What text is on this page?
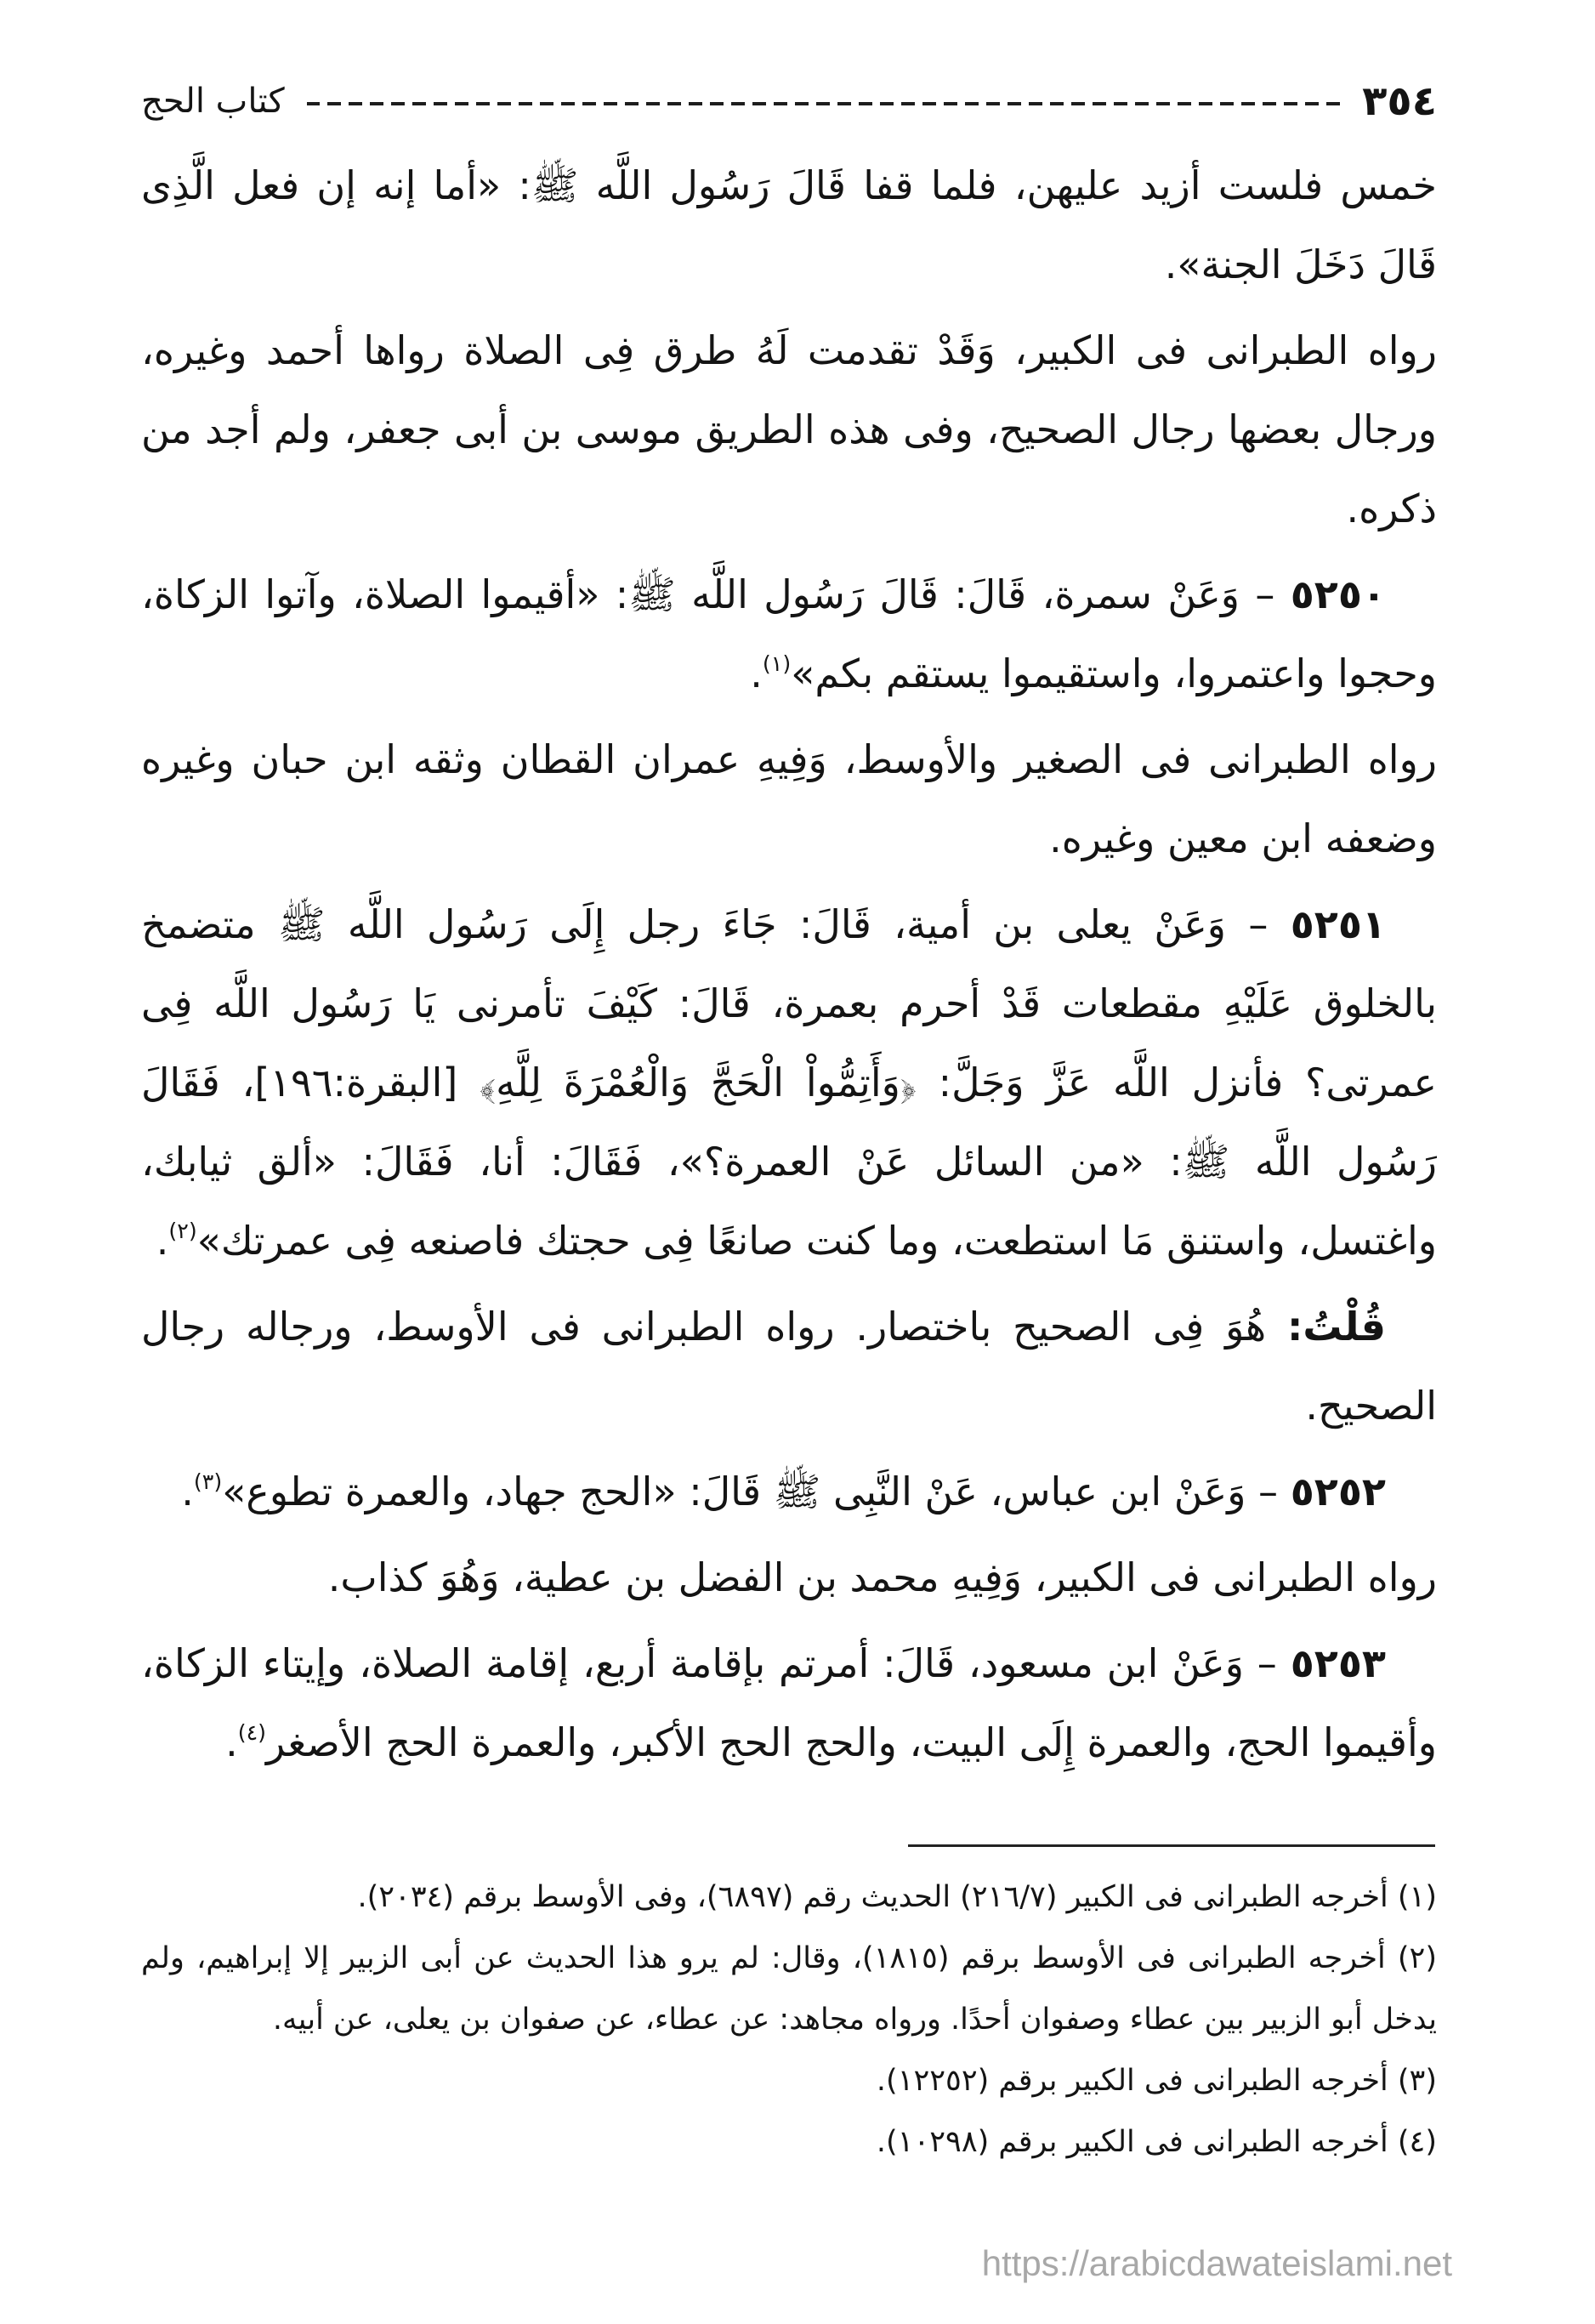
٣٥٤
كتاب الحج

خمس فلست أزيد عليهن، فلما قفا قَالَ رَسُول اللَّه ﷺ: «أما إنه إن فعل الَّذِى قَالَ دَخَلَ الجنة».

رواه الطبرانى فى الكبير، وَقَدْ تقدمت لَهُ طرق فِى الصلاة رواها أحمد وغيره، ورجال بعضها رجال الصحيح، وفى هذه الطريق موسى بن أبى جعفر، ولم أجد من ذكره.

٥٢٥٠ – وَعَنْ سمرة، قَالَ: قَالَ رَسُول اللَّه ﷺ: «أقيموا الصلاة، وآتوا الزكاة، وحجوا واعتمروا، واستقيموا يستقم بكم»$^{(١)}$.

رواه الطبرانى فى الصغير والأوسط، وَفِيهِ عمران القطان وثقه ابن حبان وغيره وضعفه ابن معين وغيره.

٥٢٥١ – وَعَنْ يعلى بن أمية، قَالَ: جَاءَ رجل إِلَى رَسُول اللَّه ﷺ متضمخ بالخلوق عَلَيْهِ مقطعات قَدْ أحرم بعمرة، قَالَ: كَيْفَ تأمرنى يَا رَسُول اللَّه فِى عمرتى؟ فأنزل اللَّه عَزَّ وَجَلَّ: ﴿وَأَتِمُّواْ الْحَجَّ وَالْعُمْرَةَ لِلَّهِ﴾ [البقرة:١٩٦]، فَقَالَ رَسُول اللَّه ﷺ: «من السائل عَنْ العمرة؟»، فَقَالَ: أنا، فَقَالَ: «ألق ثيابك، واغتسل، واستنق مَا استطعت، وما كنت صانعًا فِى حجتك فاصنعه فِى عمرتك»$^{(٢)}$.

قُلْتُ: هُوَ فِى الصحيح باختصار. رواه الطبرانى فى الأوسط، ورجاله رجال الصحيح.

٥٢٥٢ – وَعَنْ ابن عباس، عَنْ النَّبِى ﷺ قَالَ: «الحج جهاد، والعمرة تطوع»$^{(٣)}$.

رواه الطبرانى فى الكبير، وَفِيهِ محمد بن الفضل بن عطية، وَهُوَ كذاب.

٥٢٥٣ – وَعَنْ ابن مسعود، قَالَ: أمرتم بإقامة أربع، إقامة الصلاة، وإيتاء الزكاة، وأقيموا الحج، والعمرة إِلَى البيت، والحج الحج الأكبر، والعمرة الحج الأصغر$^{(٤)}$.

(١) أخرجه الطبرانى فى الكبير (٢١٦/٧) الحديث رقم (٦٨٩٧)، وفى الأوسط برقم (٢٠٣٤).

(٢) أخرجه الطبرانى فى الأوسط برقم (١٨١٥)، وقال: لم يرو هذا الحديث عن أبى الزبير إلا إبراهيم، ولم يدخل أبو الزبير بين عطاء وصفوان أحدًا. ورواه مجاهد: عن عطاء، عن صفوان بن يعلى، عن أبيه.

(٣) أخرجه الطبرانى فى الكبير برقم (١٢٢٥٢).

(٤) أخرجه الطبرانى فى الكبير برقم (١٠٢٩٨).

https://arabicdawateislami.net
